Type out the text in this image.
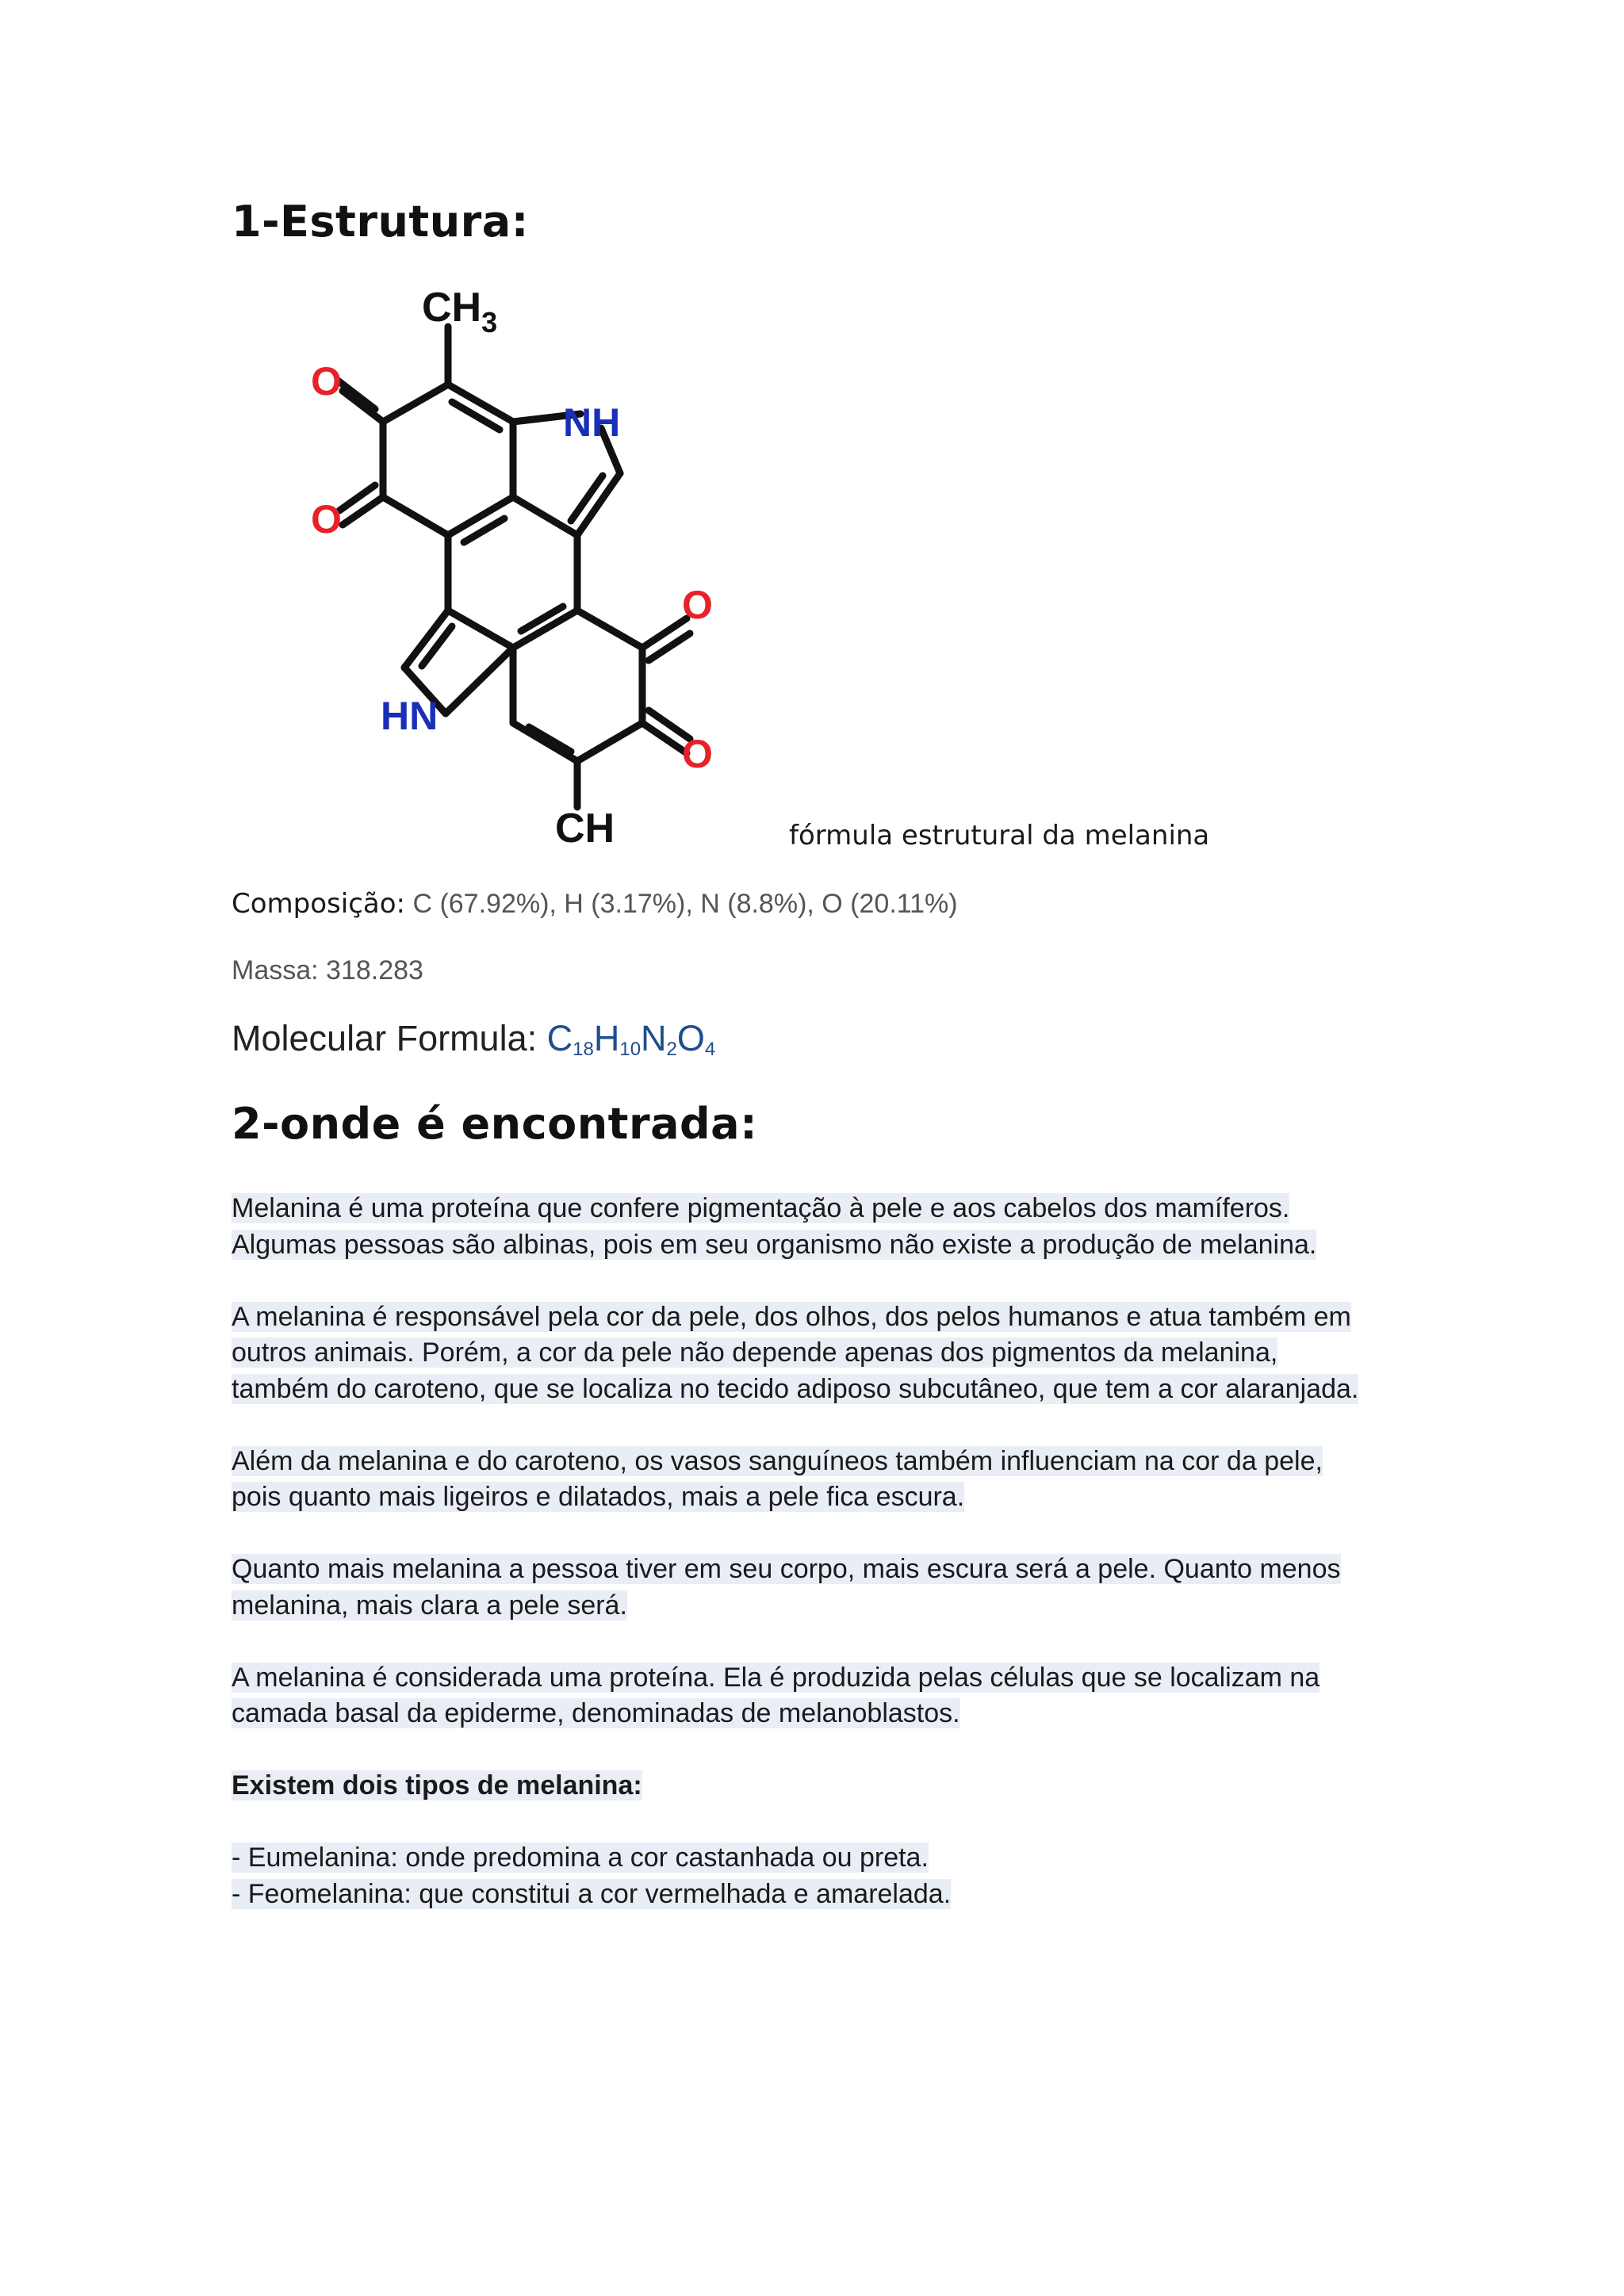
1-Estrutura:
$CH_3$
NH
HN
CH
O
O
O
O
fórmula estrutural da melanina
Composição: C (67.92%), H (3.17%), N (8.8%), O (20.11%)
Massa: 318.283
Molecular Formula: $C_{18}H_{10}N_2O_4$
2-onde é encontrada:

Melanina é uma proteína que confere pigmentação à pele e aos cabelos dos mamíferos.
Algumas pessoas são albinas, pois em seu organismo não existe a produção de melanina.

A melanina é responsável pela cor da pele, dos olhos, dos pelos humanos e atua também em
outros animais. Porém, a cor da pele não depende apenas dos pigmentos da melanina,
também do caroteno, que se localiza no tecido adiposo subcutâneo, que tem a cor alaranjada.

Além da melanina e do caroteno, os vasos sanguíneos também influenciam na cor da pele,
pois quanto mais ligeiros e dilatados, mais a pele fica escura.

Quanto mais melanina a pessoa tiver em seu corpo, mais escura será a pele. Quanto menos
melanina, mais clara a pele será.

A melanina é considerada uma proteína. Ela é produzida pelas células que se localizam na
camada basal da epiderme, denominadas de melanoblastos.

Existem dois tipos de melanina:

- Eumelanina: onde predomina a cor castanhada ou preta.
- Feomelanina: que constitui a cor vermelhada e amarelada.
